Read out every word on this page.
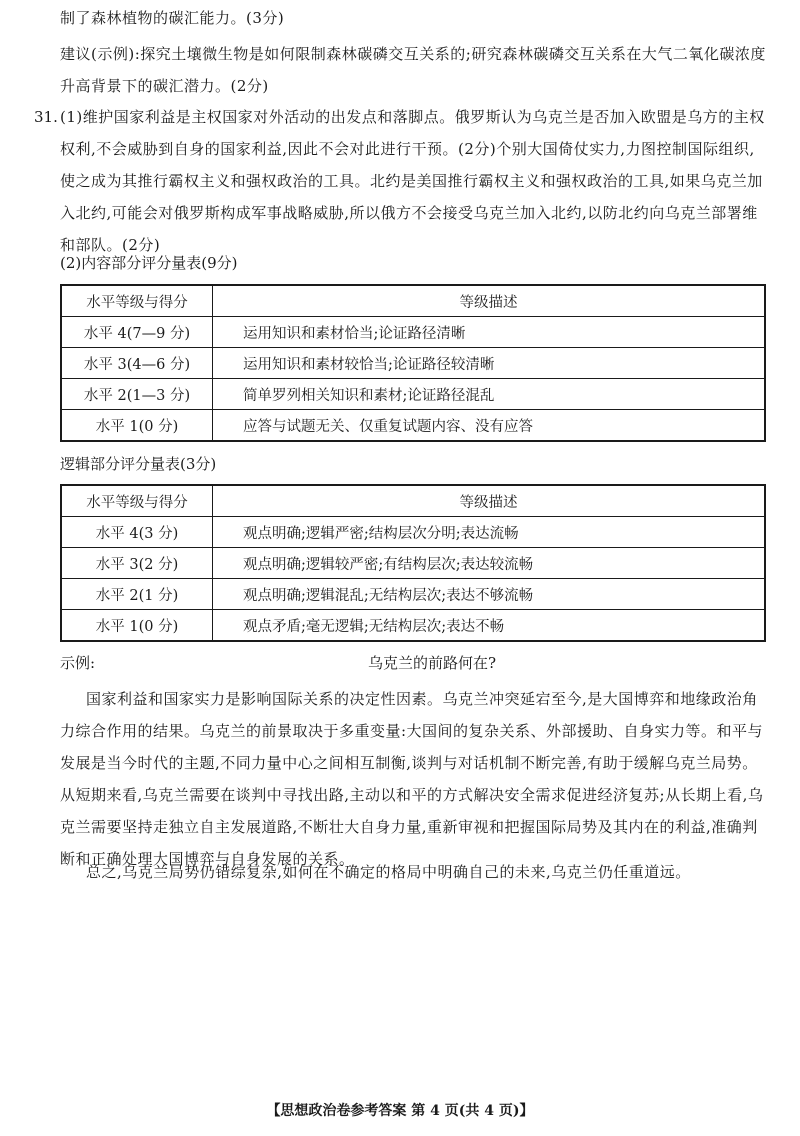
制了森林植物的碳汇能力。(3分)

建议(示例):探究土壤微生物是如何限制森林碳磷交互关系的;研究森林碳磷交互关系在大气二氧化碳浓度升高背景下的碳汇潜力。(2分)

31. (1)维护国家利益是主权国家对外活动的出发点和落脚点。俄罗斯认为乌克兰是否加入欧盟是乌方的主权权利,不会威胁到自身的国家利益,因此不会对此进行干预。(2分)个别大国倚仗实力,力图控制国际组织,使之成为其推行霸权主义和强权政治的工具。北约是美国推行霸权主义和强权政治的工具,如果乌克兰加入北约,可能会对俄罗斯构成军事战略威胁,所以俄方不会接受乌克兰加入北约,以防北约向乌克兰部署维和部队。(2分)

(2)内容部分评分量表(9分)

水平等级与得分	等级描述
水平 4(7—9 分)	运用知识和素材恰当;论证路径清晰
水平 3(4—6 分)	运用知识和素材较恰当;论证路径较清晰
水平 2(1—3 分)	简单罗列相关知识和素材;论证路径混乱
水平 1(0 分)	应答与试题无关、仅重复试题内容、没有应答

逻辑部分评分量表(3分)

水平等级与得分	等级描述
水平 4(3 分)	观点明确;逻辑严密;结构层次分明;表达流畅
水平 3(2 分)	观点明确;逻辑较严密;有结构层次;表达较流畅
水平 2(1 分)	观点明确;逻辑混乱;无结构层次;表达不够流畅
水平 1(0 分)	观点矛盾;毫无逻辑;无结构层次;表达不畅

示例:	乌克兰的前路何在?

国家利益和国家实力是影响国际关系的决定性因素。乌克兰冲突延宕至今,是大国博弈和地缘政治角力综合作用的结果。乌克兰的前景取决于多重变量:大国间的复杂关系、外部援助、自身实力等。和平与发展是当今时代的主题,不同力量中心之间相互制衡,谈判与对话机制不断完善,有助于缓解乌克兰局势。从短期来看,乌克兰需要在谈判中寻找出路,主动以和平的方式解决安全需求促进经济复苏;从长期上看,乌克兰需要坚持走独立自主发展道路,不断壮大自身力量,重新审视和把握国际局势及其内在的利益,准确判断和正确处理大国博弈与自身发展的关系。

总之,乌克兰局势仍错综复杂,如何在不确定的格局中明确自己的未来,乌克兰仍任重道远。

【思想政治卷参考答案 第 4 页(共 4 页)】
